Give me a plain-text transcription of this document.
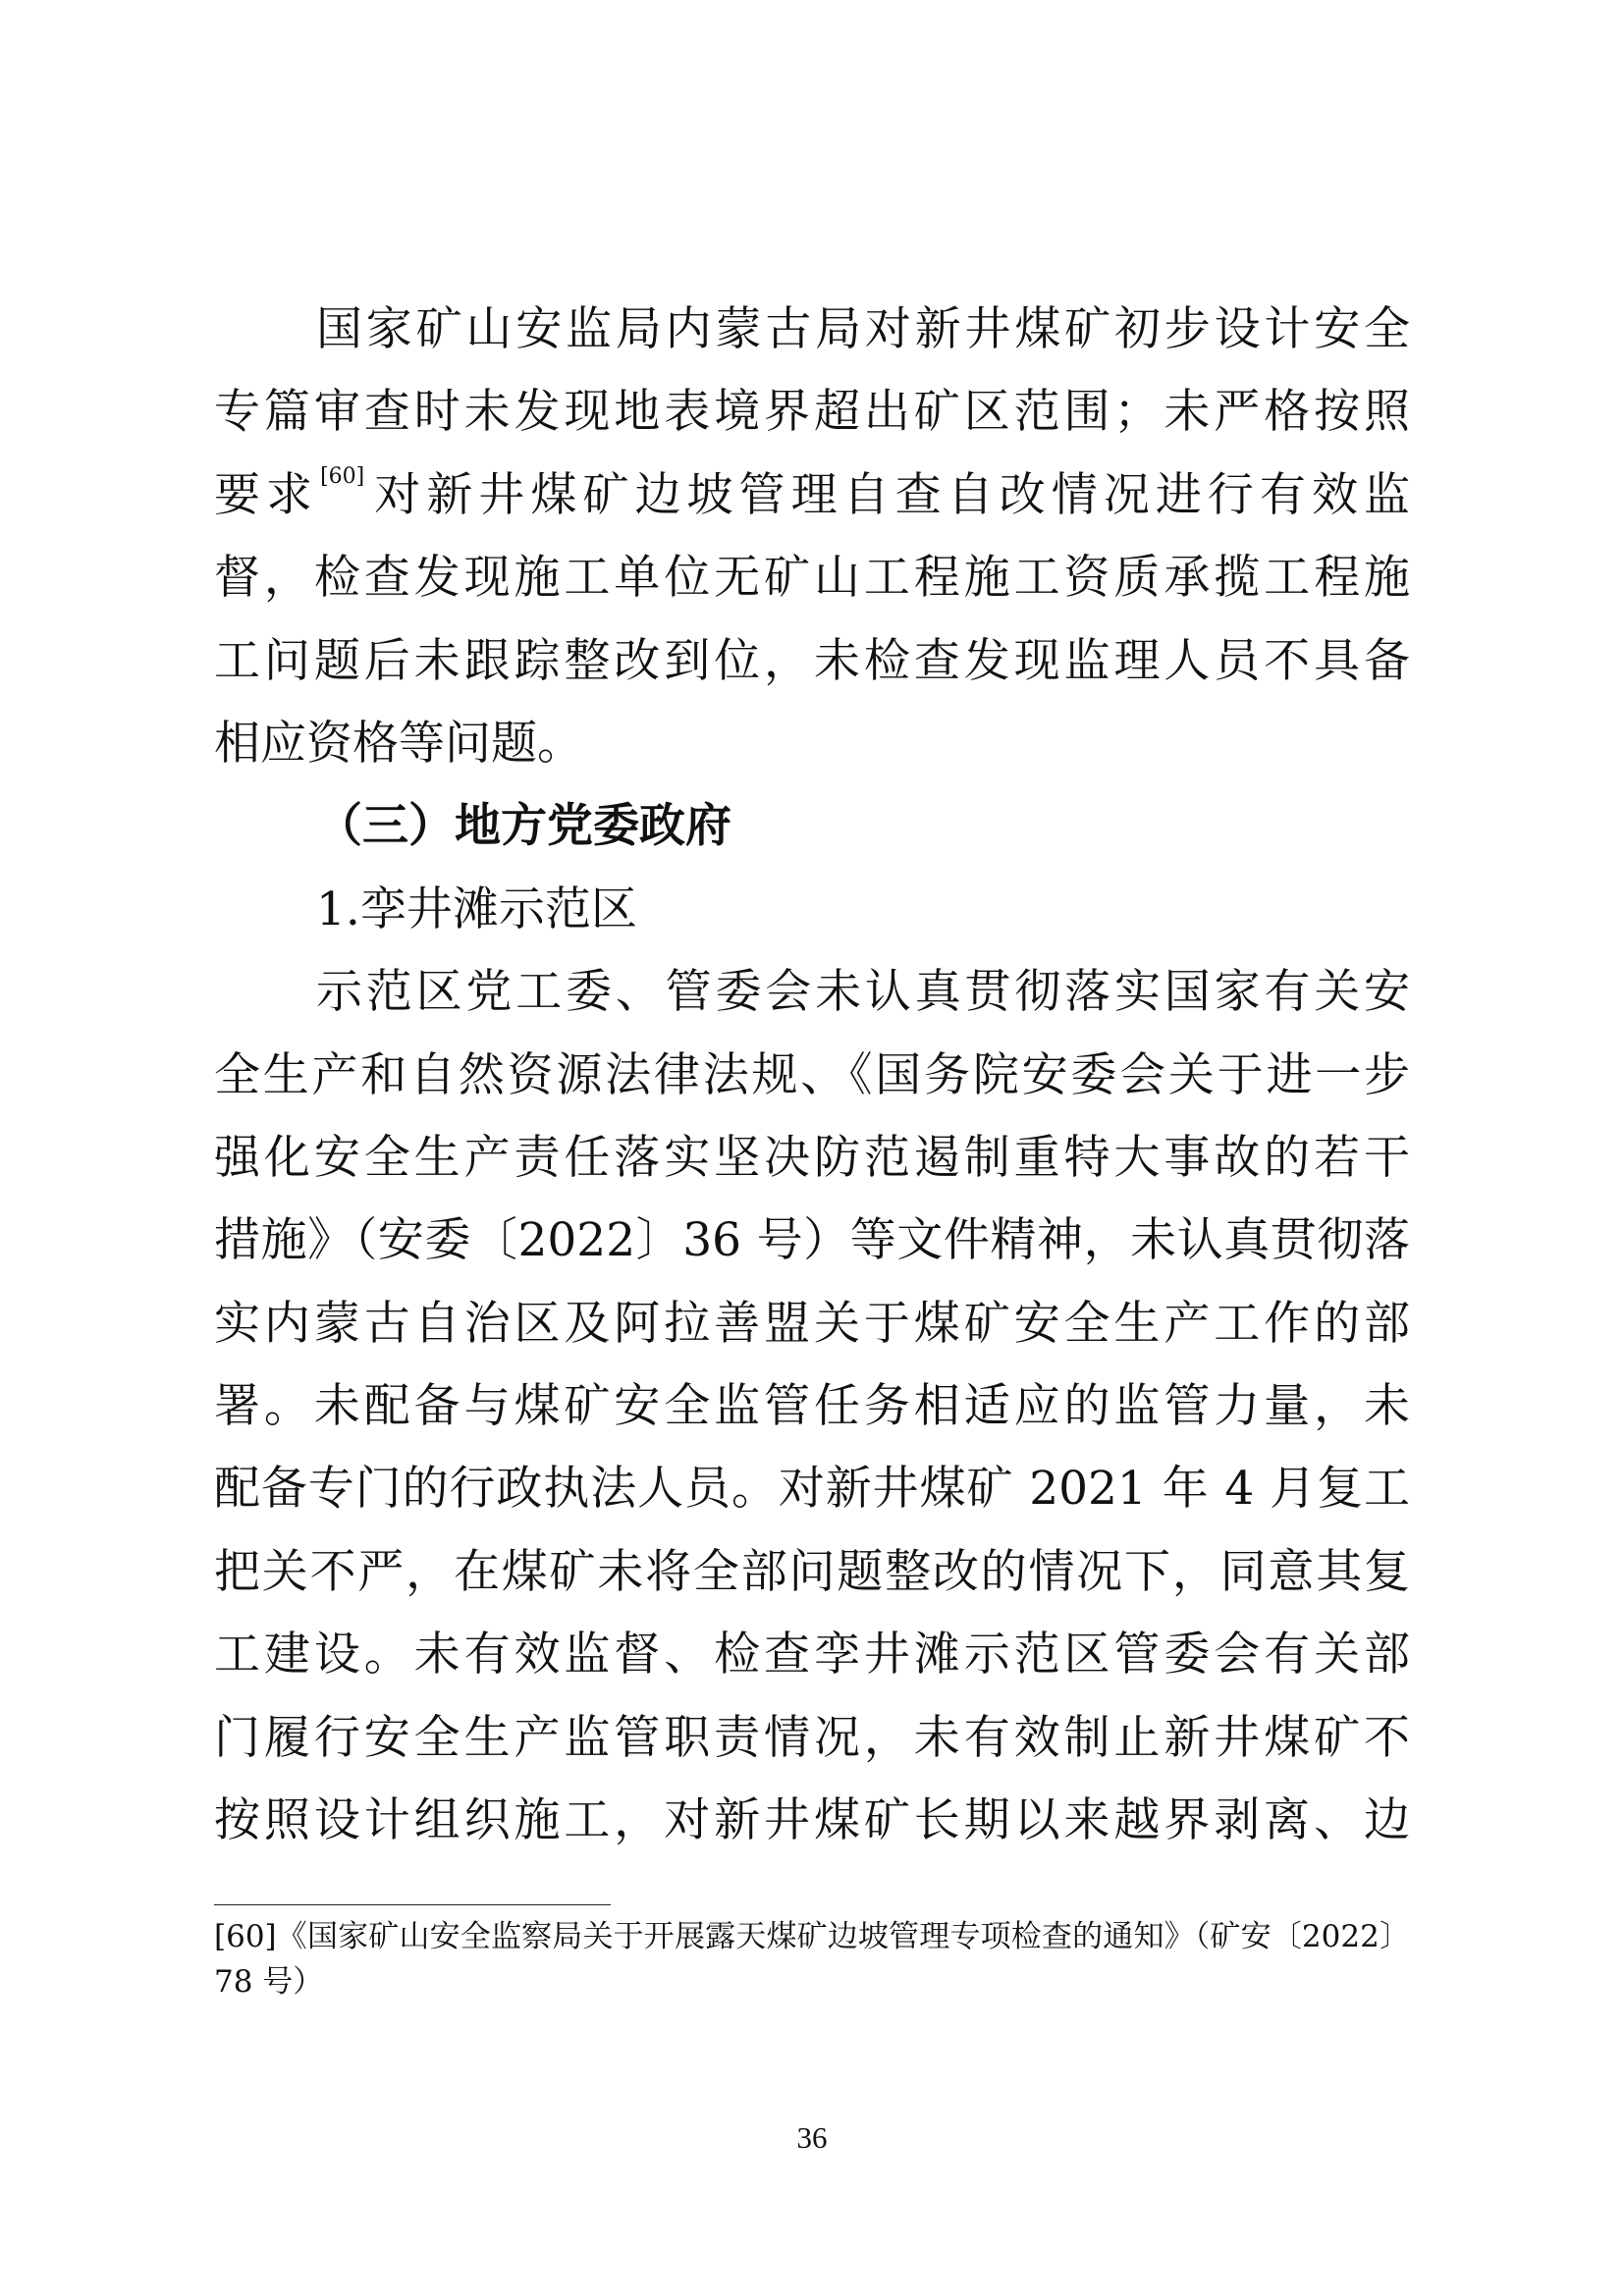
国家矿山安监局内蒙古局对新井煤矿初步设计安全
专篇审查时未发现地表境界超出矿区范围；未严格按照
要求[60]对新井煤矿边坡管理自查自改情况进行有效监
督，检查发现施工单位无矿山工程施工资质承揽工程施
工问题后未跟踪整改到位，未检查发现监理人员不具备
相应资格等问题。
（三）地方党委政府
1.孪井滩示范区
示范区党工委、管委会未认真贯彻落实国家有关安
全生产和自然资源法律法规、《国务院安委会关于进一步
强化安全生产责任落实坚决防范遏制重特大事故的若干
措施》（安委〔2022〕36 号）等文件精神，未认真贯彻落
实内蒙古自治区及阿拉善盟关于煤矿安全生产工作的部
署。未配备与煤矿安全监管任务相适应的监管力量，未
配备专门的行政执法人员。对新井煤矿 2021 年 4 月复工
把关不严，在煤矿未将全部问题整改的情况下，同意其复
工建设。未有效监督、检查孪井滩示范区管委会有关部
门履行安全生产监管职责情况，未有效制止新井煤矿不
按照设计组织施工，对新井煤矿长期以来越界剥离、边
[60]《国家矿山安全监察局关于开展露天煤矿边坡管理专项检查的通知》（矿安〔2022〕
78 号）
36
